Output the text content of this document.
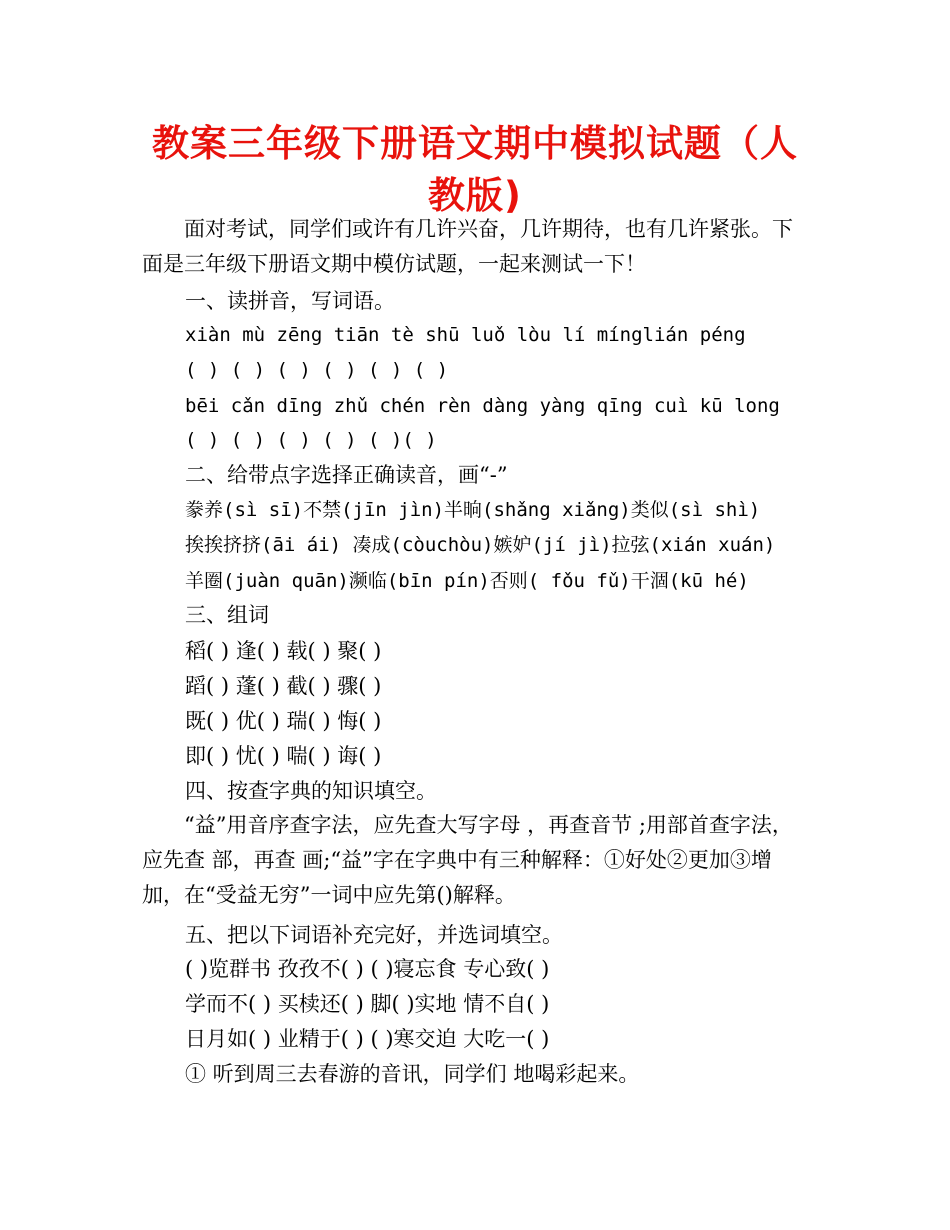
教案三年级下册语文期中模拟试题（人教版)

面对考试，同学们或许有几许兴奋，几许期待，也有几许紧张。下面是三年级下册语文期中模仿试题，一起来测试一下！

一、读拼音，写词语。

xiàn mù zēng tiān tè shū luǒ lòu lí mínglián péng

( ) ( ) ( ) ( ) ( ) ( )

bēi cǎn dīng zhǔ chén rèn dàng yàng qīng cuì kū long

( ) ( ) ( ) ( ) ( )( )

二、给带点字选择正确读音，画“-”

豢养(sì sī)不禁(jīn jìn)半晌(shǎng xiǎng)类似(sì shì)

挨挨挤挤(āi ái) 凑成(còuchòu)嫉妒(jí jì)拉弦(xián xuán)

羊圈(juàn quān)濒临(bīn pín)否则( fǒu fǔ)干涸(kū hé)

三、组词

稻( ) 逢( ) 载( ) 聚( )

蹈( ) 蓬( ) 截( ) 骤( )

既( ) 优( ) 瑞( ) 悔( )

即( ) 忧( ) 喘( ) 诲( )

四、按查字典的知识填空。

“益”用音序查字法，应先查大写字母 ，再查音节 ;用部首查字法，应先查 部，再查 画;“益”字在字典中有三种解释：①好处②更加③增加，在“受益无穷”一词中应先第()解释。

五、把以下词语补充完好，并选词填空。

( )览群书 孜孜不( ) ( )寝忘食 专心致( )

学而不( ) 买椟还( ) 脚( )实地 情不自( )

日月如( ) 业精于( ) ( )寒交迫 大吃一( )

① 听到周三去春游的音讯，同学们 地喝彩起来。
